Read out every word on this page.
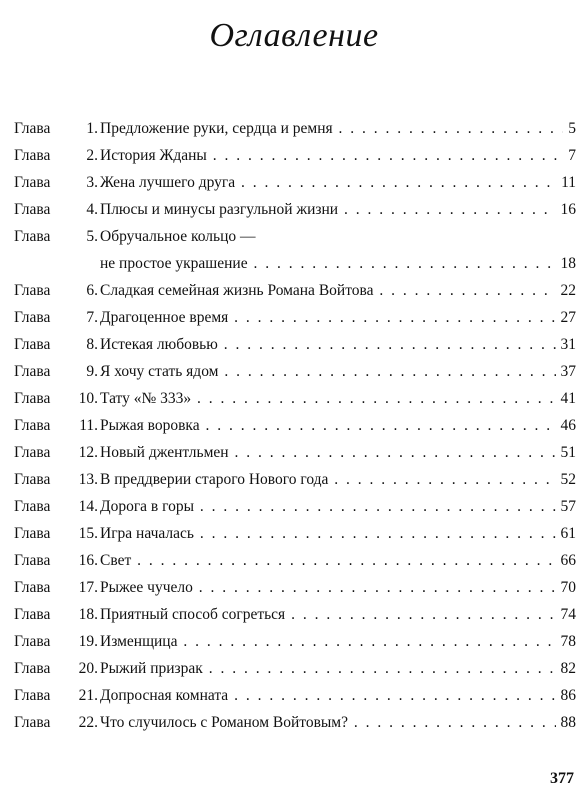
Оглавление
Глава	1. Предложение руки, сердца и ремня . . .	5
Глава	2. История Жданы . . .	7
Глава	3. Жена лучшего друга . . .	11
Глава	4. Плюсы и минусы разгульной жизни . . .	16
Глава	5. Обручальное кольцо —
не простое украшение . . .	18
Глава	6. Сладкая семейная жизнь Романа Войтова . . .	22
Глава	7. Драгоценное время . . .	27
Глава	8. Истекая любовью . . .	31
Глава	9. Я хочу стать ядом . . .	37
Глава	10. Тату «№ 333» . . .	41
Глава	11. Рыжая воровка . . .	46
Глава	12. Новый джентльмен . . .	51
Глава	13. В преддверии старого Нового года . . .	52
Глава	14. Дорога в горы . . .	57
Глава	15. Игра началась . . .	61
Глава	16. Свет . . .	66
Глава	17. Рыжее чучело . . .	70
Глава	18. Приятный способ согреться . . .	74
Глава	19. Изменщица . . .	78
Глава	20. Рыжий призрак . . .	82
Глава	21. Допросная комната . . .	86
Глава	22. Что случилось с Романом Войтовым? . . .	88
377
